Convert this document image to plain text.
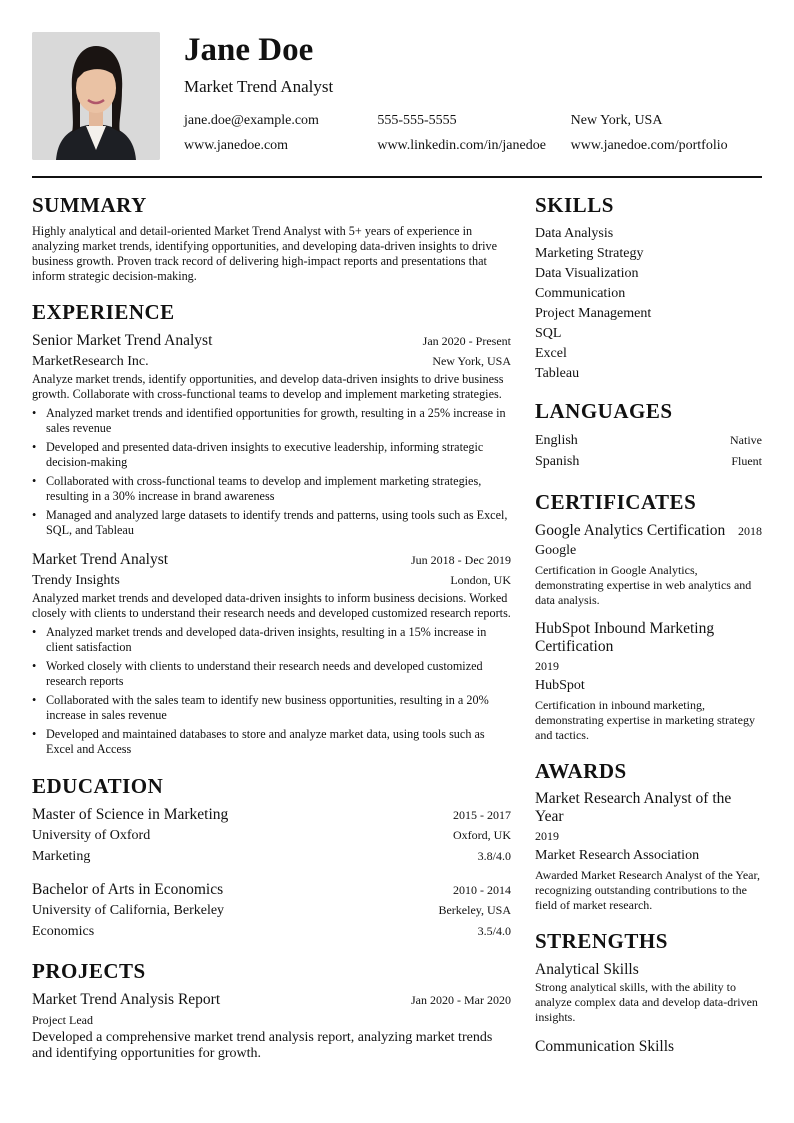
Jane Doe
Market Trend Analyst
jane.doe@example.com	555-555-5555	New York, USA
www.janedoe.com	www.linkedin.com/in/janedoe	www.janedoe.com/portfolio
SUMMARY

Highly analytical and detail-oriented Market Trend Analyst with 5+ years of experience in analyzing market trends, identifying opportunities, and developing data-driven insights to drive business growth. Proven track record of delivering high-impact reports and presentations that inform strategic decision-making.

EXPERIENCE
Senior Market Trend Analyst	Jan 2020 - Present
MarketResearch Inc.	New York, USA

Analyze market trends, identify opportunities, and develop data-driven insights to drive business growth. Collaborate with cross-functional teams to develop and implement marketing strategies.

• Analyzed market trends and identified opportunities for growth, resulting in a 25% increase in sales revenue
• Developed and presented data-driven insights to executive leadership, informing strategic decision-making
• Collaborated with cross-functional teams to develop and implement marketing strategies, resulting in a 30% increase in brand awareness
• Managed and analyzed large datasets to identify trends and patterns, using tools such as Excel, SQL, and Tableau
Market Trend Analyst	Jun 2018 - Dec 2019
Trendy Insights	London, UK

Analyzed market trends and developed data-driven insights to inform business decisions. Worked closely with clients to understand their research needs and developed customized research reports.

• Analyzed market trends and developed data-driven insights, resulting in a 15% increase in client satisfaction
• Worked closely with clients to understand their research needs and developed customized research reports
• Collaborated with the sales team to identify new business opportunities, resulting in a 20% increase in sales revenue
• Developed and maintained databases to store and analyze market data, using tools such as Excel and Access
EDUCATION
Master of Science in Marketing	2015 - 2017
University of Oxford	Oxford, UK
Marketing	3.8/4.0
Bachelor of Arts in Economics	2010 - 2014
University of California, Berkeley	Berkeley, USA
Economics	3.5/4.0
PROJECTS
Market Trend Analysis Report	Jan 2020 - Mar 2020
Project Lead

Developed a comprehensive market trend analysis report, analyzing market trends and identifying opportunities for growth.

SKILLS
Data Analysis
Marketing Strategy
Data Visualization
Communication
Project Management
SQL
Excel
Tableau
LANGUAGES
English	Native
Spanish	Fluent
CERTIFICATES
Google Analytics Certification 2018
Google

Certification in Google Analytics, demonstrating expertise in web analytics and data analysis.

HubSpot Inbound Marketing Certification
2019
HubSpot

Certification in inbound marketing, demonstrating expertise in marketing strategy and tactics.

AWARDS
Market Research Analyst of the Year
2019
Market Research Association

Awarded Market Research Analyst of the Year, recognizing outstanding contributions to the field of market research.

STRENGTHS
Analytical Skills

Strong analytical skills, with the ability to analyze complex data and develop data-driven insights.

Communication Skills
